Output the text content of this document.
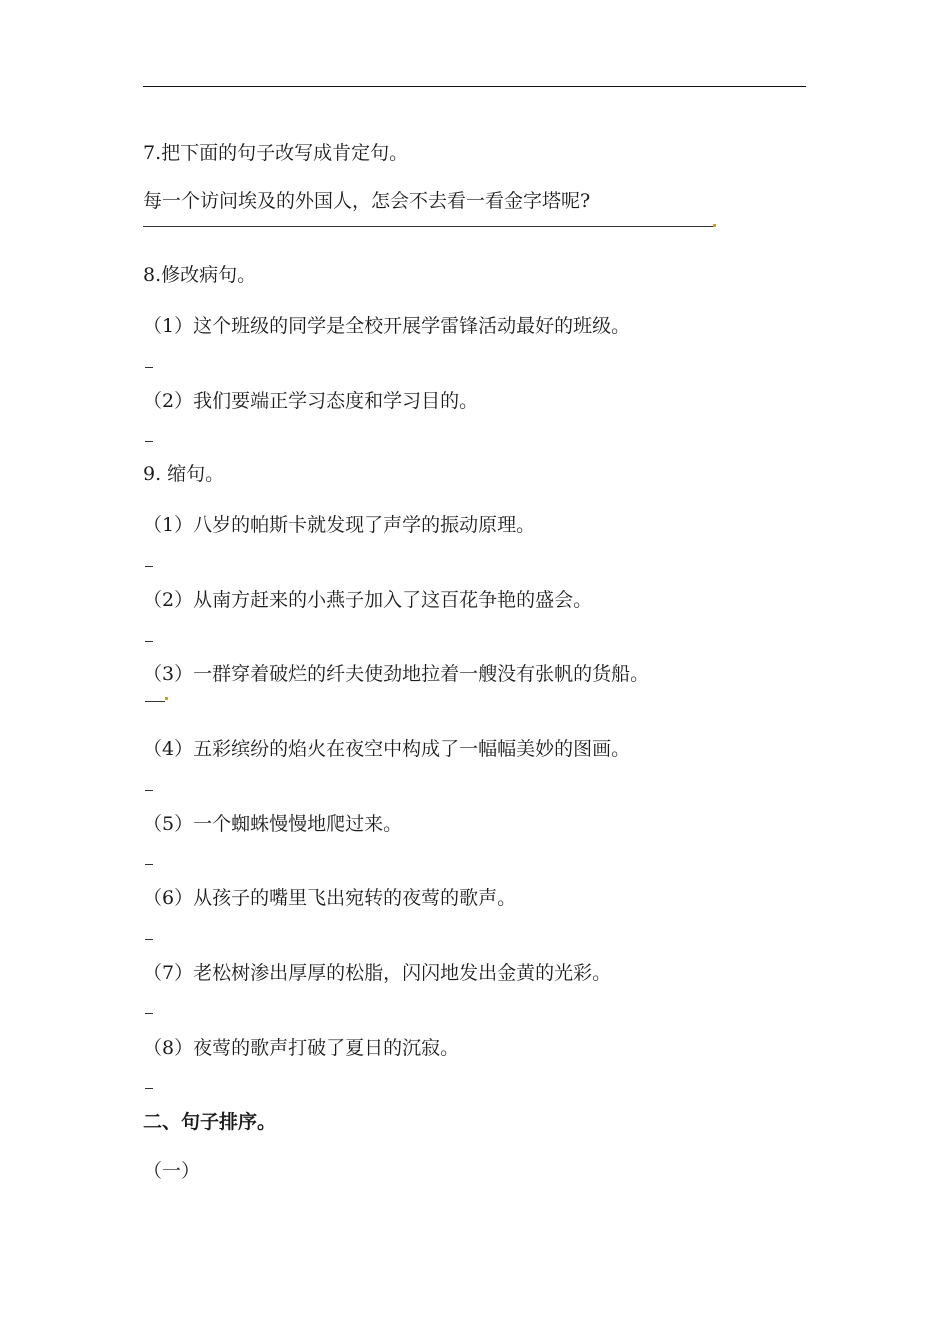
7.把下面的句子改写成肯定句。
每一个访问埃及的外国人，怎会不去看一看金字塔呢?
8.修改病句。
（1）这个班级的同学是全校开展学雷锋活动最好的班级。
（2）我们要端正学习态度和学习目的。
9. 缩句。
（1）八岁的帕斯卡就发现了声学的振动原理。
（2）从南方赶来的小燕子加入了这百花争艳的盛会。
（3）一群穿着破烂的纤夫使劲地拉着一艘没有张帆的货船。
（4）五彩缤纷的焰火在夜空中构成了一幅幅美妙的图画。
（5）一个蜘蛛慢慢地爬过来。
（6）从孩子的嘴里飞出宛转的夜莺的歌声。
（7）老松树渗出厚厚的松脂，闪闪地发出金黄的光彩。
（8）夜莺的歌声打破了夏日的沉寂。
二、句子排序。
（一）
